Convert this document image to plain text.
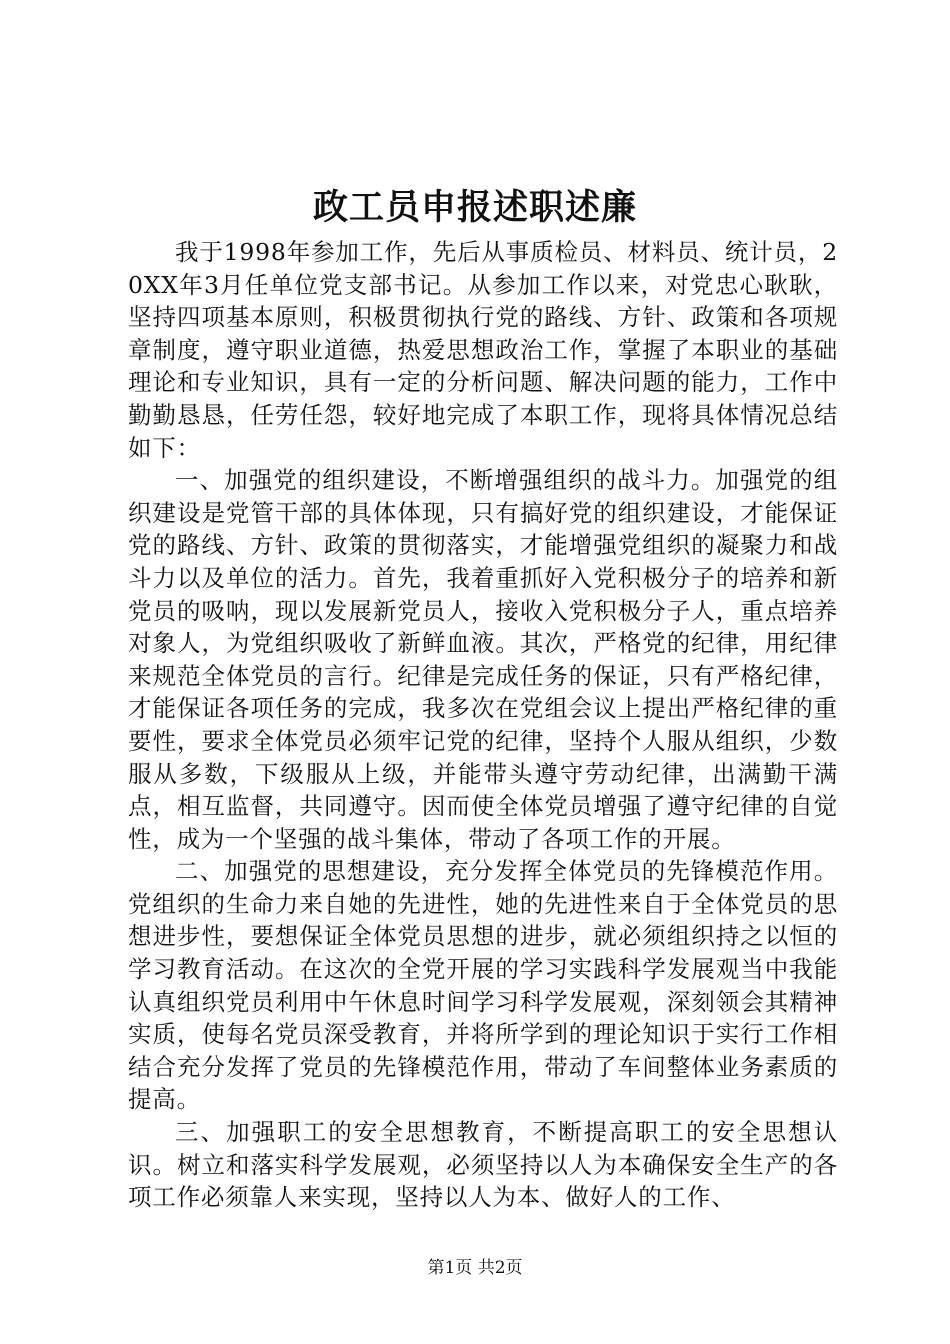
政工员申报述职述廉

我于1998年参加工作，先后从事质检员、材料员、统计员，20XX年3月任单位党支部书记。从参加工作以来，对党忠心耿耿，坚持四项基本原则，积极贯彻执行党的路线、方针、政策和各项规章制度，遵守职业道德，热爱思想政治工作，掌握了本职业的基础理论和专业知识，具有一定的分析问题、解决问题的能力，工作中勤勤恳恳，任劳任怨，较好地完成了本职工作，现将具体情况总结如下：

一、加强党的组织建设，不断增强组织的战斗力。加强党的组织建设是党管干部的具体体现，只有搞好党的组织建设，才能保证党的路线、方针、政策的贯彻落实，才能增强党组织的凝聚力和战斗力以及单位的活力。首先，我着重抓好入党积极分子的培养和新党员的吸呐，现以发展新党员人，接收入党积极分子人，重点培养对象人，为党组织吸收了新鲜血液。其次，严格党的纪律，用纪律来规范全体党员的言行。纪律是完成任务的保证，只有严格纪律，才能保证各项任务的完成，我多次在党组会议上提出严格纪律的重要性，要求全体党员必须牢记党的纪律，坚持个人服从组织，少数服从多数，下级服从上级，并能带头遵守劳动纪律，出满勤干满点，相互监督，共同遵守。因而使全体党员增强了遵守纪律的自觉性，成为一个坚强的战斗集体，带动了各项工作的开展。

二、加强党的思想建设，充分发挥全体党员的先锋模范作用。党组织的生命力来自她的先进性，她的先进性来自于全体党员的思想进步性，要想保证全体党员思想的进步，就必须组织持之以恒的学习教育活动。在这次的全党开展的学习实践科学发展观当中我能认真组织党员利用中午休息时间学习科学发展观，深刻领会其精神实质，使每名党员深受教育，并将所学到的理论知识于实行工作相结合充分发挥了党员的先锋模范作用，带动了车间整体业务素质的提高。

三、加强职工的安全思想教育，不断提高职工的安全思想认识。树立和落实科学发展观，必须坚持以人为本确保安全生产的各项工作必须靠人来实现，坚持以人为本、做好人的工作、

第1页 共2页
